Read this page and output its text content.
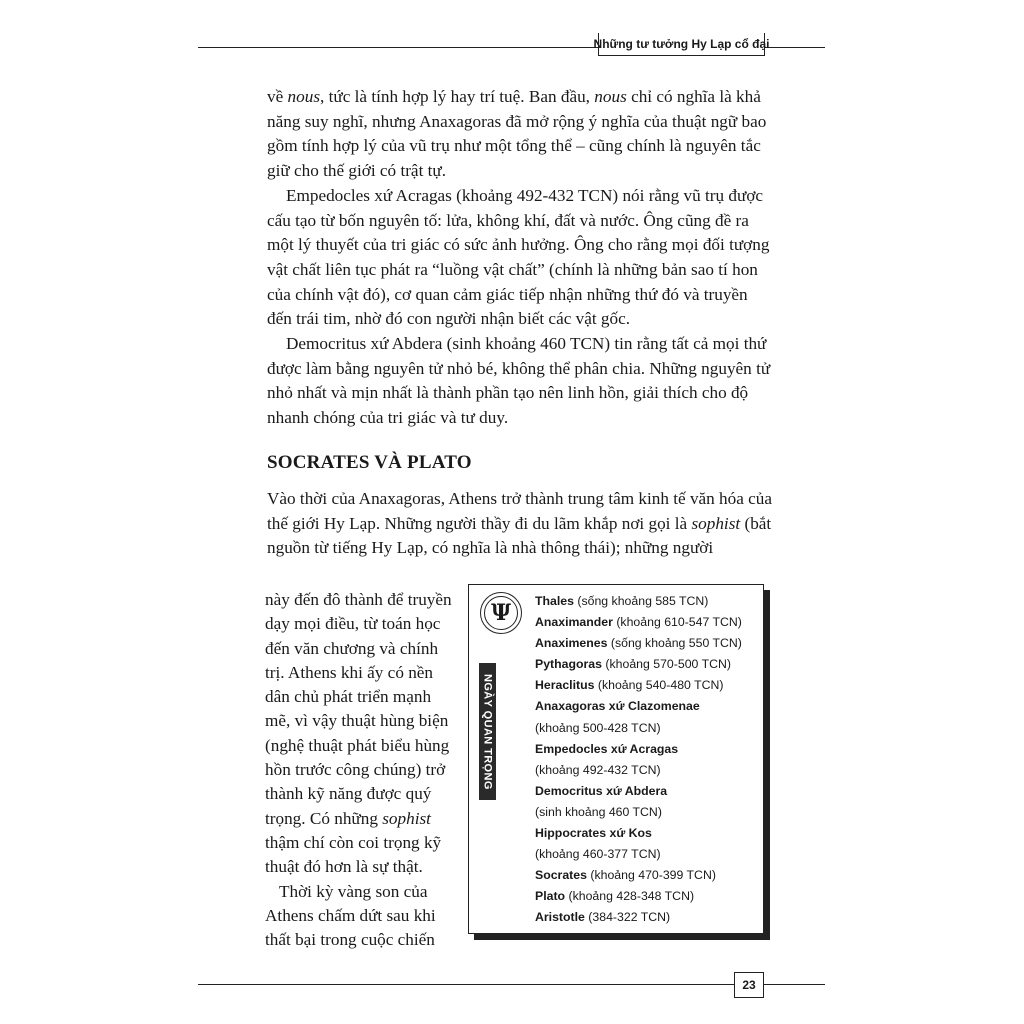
Những tư tưởng Hy Lạp cổ đại

về nous, tức là tính hợp lý hay trí tuệ. Ban đầu, nous chỉ có nghĩa là khả năng suy nghĩ, nhưng Anaxagoras đã mở rộng ý nghĩa của thuật ngữ bao gồm tính hợp lý của vũ trụ như một tổng thể – cũng chính là nguyên tắc giữ cho thế giới có trật tự.

Empedocles xứ Acragas (khoảng 492-432 TCN) nói rằng vũ trụ được cấu tạo từ bốn nguyên tố: lửa, không khí, đất và nước. Ông cũng đề ra một lý thuyết của tri giác có sức ảnh hưởng. Ông cho rằng mọi đối tượng vật chất liên tục phát ra “luồng vật chất” (chính là những bản sao tí hon của chính vật đó), cơ quan cảm giác tiếp nhận những thứ đó và truyền đến trái tim, nhờ đó con người nhận biết các vật gốc.

Democritus xứ Abdera (sinh khoảng 460 TCN) tin rằng tất cả mọi thứ được làm bằng nguyên tử nhỏ bé, không thể phân chia. Những nguyên tử nhỏ nhất và mịn nhất là thành phần tạo nên linh hồn, giải thích cho độ nhanh chóng của tri giác và tư duy.

SOCRATES VÀ PLATO

Vào thời của Anaxagoras, Athens trở thành trung tâm kinh tế văn hóa của thế giới Hy Lạp. Những người thầy đi du lãm khắp nơi gọi là sophist (bắt nguồn từ tiếng Hy Lạp, có nghĩa là nhà thông thái); những người

này đến đô thành để truyền dạy mọi điều, từ toán học đến văn chương và chính trị. Athens khi ấy có nền dân chủ phát triển mạnh mẽ, vì vậy thuật hùng biện (nghệ thuật phát biểu hùng hồn trước công chúng) trở thành kỹ năng được quý trọng. Có những sophist thậm chí còn coi trọng kỹ thuật đó hơn là sự thật.

Thời kỳ vàng son của Athens chấm dứt sau khi thất bại trong cuộc chiến

Ψ
NGÀY QUAN TRỌNG
Thales (sống khoảng 585 TCN)
Anaximander (khoảng 610-547 TCN)
Anaximenes (sống khoảng 550 TCN)
Pythagoras (khoảng 570-500 TCN)
Heraclitus (khoảng 540-480 TCN)
Anaxagoras xứ Clazomenae
(khoảng 500-428 TCN)
Empedocles xứ Acragas
(khoảng 492-432 TCN)
Democritus xứ Abdera
(sinh khoảng 460 TCN)
Hippocrates xứ Kos
(khoảng 460-377 TCN)
Socrates (khoảng 470-399 TCN)
Plato (khoảng 428-348 TCN)
Aristotle (384-322 TCN)
23
